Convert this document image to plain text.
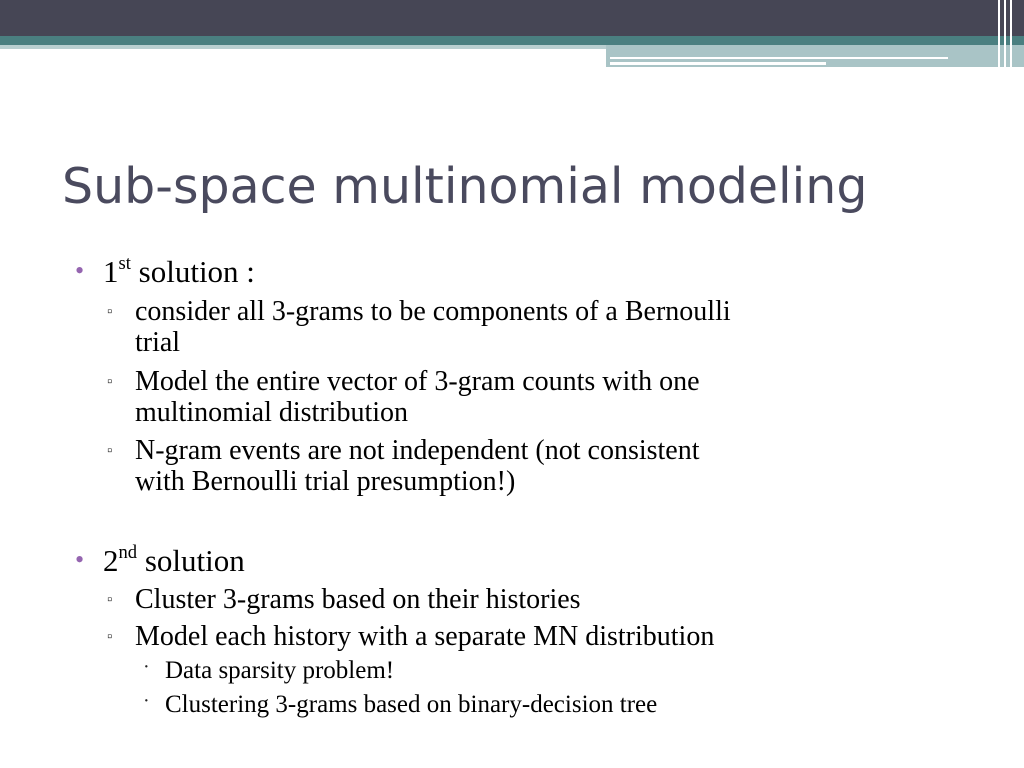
Sub-space multinomial modeling
• 1st solution :
▫ consider all 3-grams to be components of a Bernoulli
trial
▫ Model the entire vector of 3-gram counts with one
multinomial distribution
▫ N-gram events are not independent (not consistent
with Bernoulli trial presumption!)
• 2nd solution
▫ Cluster 3-grams based on their histories
▫ Model each history with a separate MN distribution
· Data sparsity problem!
· Clustering 3-grams based on binary-decision tree
